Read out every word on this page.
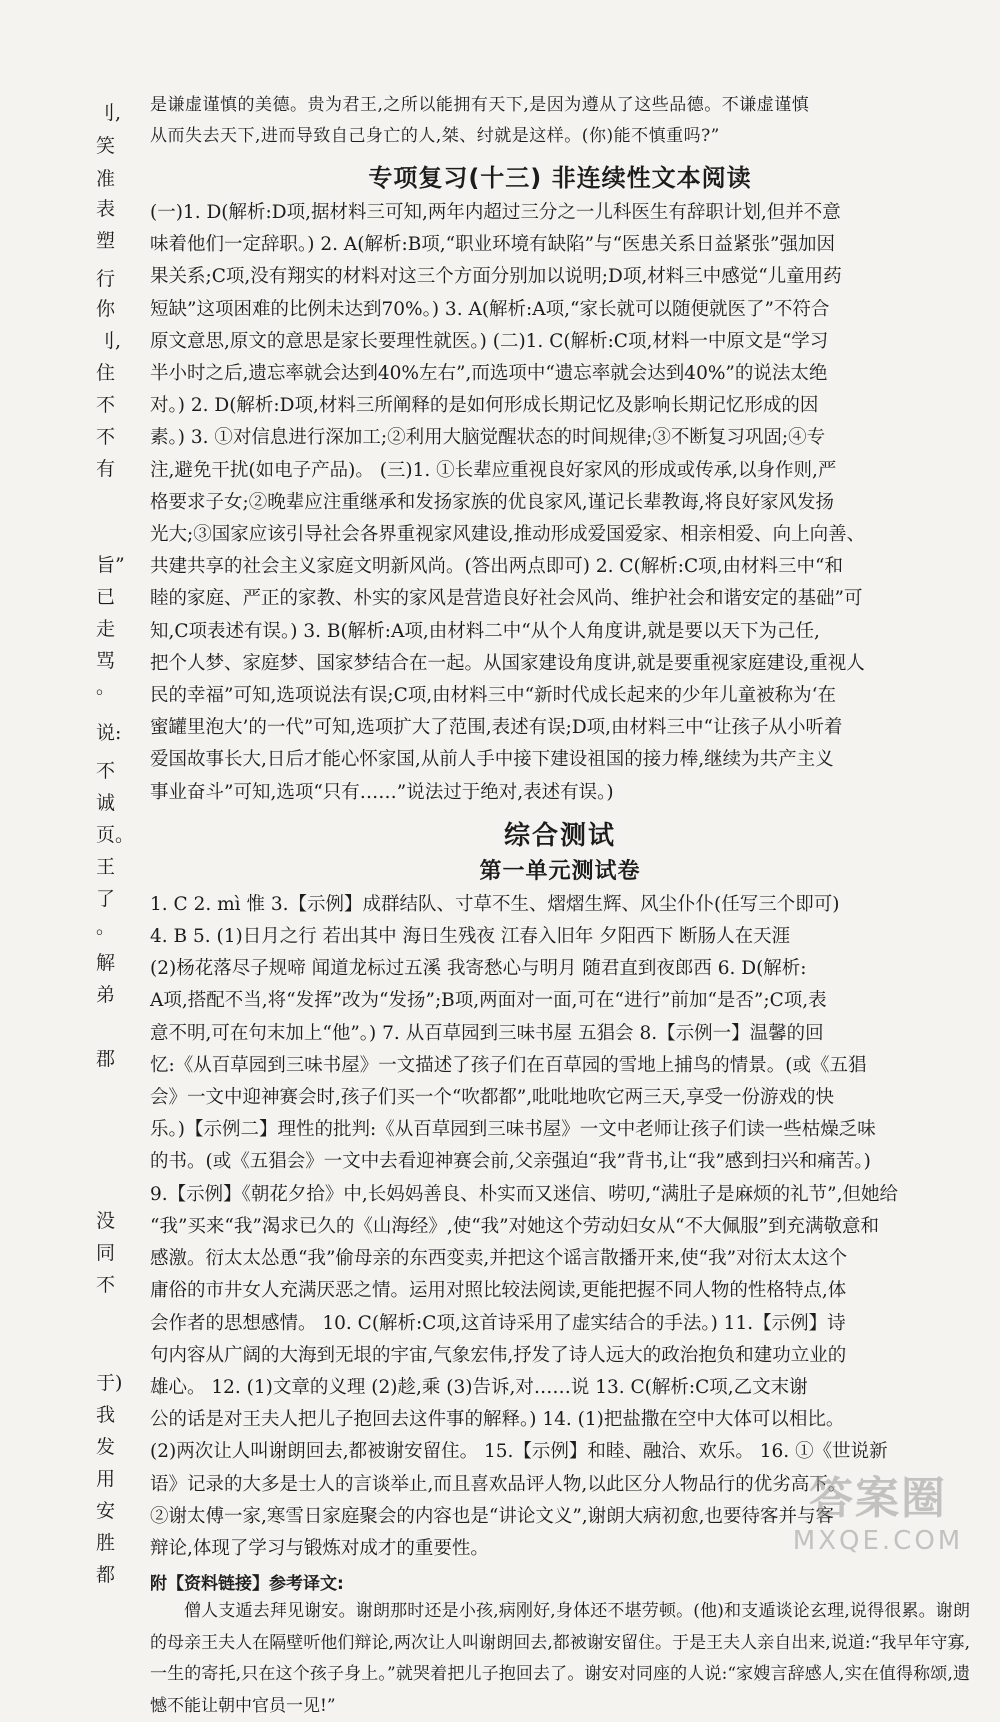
刂,
笑
准
表
塑
行
你
刂,
住
不
不
有
旨”
已
走
骂
。
说:
不
诚
页。
王
了
。
解
弟
郡
没
同
不
于)
我
发
用
安
胜
都
是谦虚谨慎的美德。贵为君王,之所以能拥有天下,是因为遵从了这些品德。不谦虚谨慎
从而失去天下,进而导致自己身亡的人,桀、纣就是这样。(你)能不慎重吗?”
专项复习(十三) 非连续性文本阅读
(一)1. D(解析:D项,据材料三可知,两年内超过三分之一儿科医生有辞职计划,但并不意
味着他们一定辞职。) 2. A(解析:B项,“职业环境有缺陷”与“医患关系日益紧张”强加因
果关系;C项,没有翔实的材料对这三个方面分别加以说明;D项,材料三中感觉“儿童用药
短缺”这项困难的比例未达到70%。) 3. A(解析:A项,“家长就可以随便就医了”不符合
原文意思,原文的意思是家长要理性就医。) (二)1. C(解析:C项,材料一中原文是“学习
半小时之后,遗忘率就会达到40%左右”,而选项中“遗忘率就会达到40%”的说法太绝
对。) 2. D(解析:D项,材料三所阐释的是如何形成长期记忆及影响长期记忆形成的因
素。) 3. ①对信息进行深加工;②利用大脑觉醒状态的时间规律;③不断复习巩固;④专
注,避免干扰(如电子产品)。 (三)1. ①长辈应重视良好家风的形成或传承,以身作则,严
格要求子女;②晚辈应注重继承和发扬家族的优良家风,谨记长辈教诲,将良好家风发扬
光大;③国家应该引导社会各界重视家风建设,推动形成爱国爱家、相亲相爱、向上向善、
共建共享的社会主义家庭文明新风尚。(答出两点即可) 2. C(解析:C项,由材料三中“和
睦的家庭、严正的家教、朴实的家风是营造良好社会风尚、维护社会和谐安定的基础”可
知,C项表述有误。) 3. B(解析:A项,由材料二中“从个人角度讲,就是要以天下为己任,
把个人梦、家庭梦、国家梦结合在一起。从国家建设角度讲,就是要重视家庭建设,重视人
民的幸福”可知,选项说法有误;C项,由材料三中“新时代成长起来的少年儿童被称为‘在
蜜罐里泡大’的一代”可知,选项扩大了范围,表述有误;D项,由材料三中“让孩子从小听着
爱国故事长大,日后才能心怀家国,从前人手中接下建设祖国的接力棒,继续为共产主义
事业奋斗”可知,选项“只有……”说法过于绝对,表述有误。)
综合测试
第一单元测试卷
1. C 2. mì 惟 3.【示例】成群结队、寸草不生、熠熠生辉、风尘仆仆(任写三个即可)
4. B 5. (1)日月之行 若出其中 海日生残夜 江春入旧年 夕阳西下 断肠人在天涯
(2)杨花落尽子规啼 闻道龙标过五溪 我寄愁心与明月 随君直到夜郎西 6. D(解析:
A项,搭配不当,将“发挥”改为“发扬”;B项,两面对一面,可在“进行”前加“是否”;C项,表
意不明,可在句末加上“他”。) 7. 从百草园到三味书屋 五猖会 8.【示例一】温馨的回
忆:《从百草园到三味书屋》一文描述了孩子们在百草园的雪地上捕鸟的情景。(或《五猖
会》一文中迎神赛会时,孩子们买一个“吹都都”,吡吡地吹它两三天,享受一份游戏的快
乐。)【示例二】理性的批判:《从百草园到三味书屋》一文中老师让孩子们读一些枯燥乏味
的书。(或《五猖会》一文中去看迎神赛会前,父亲强迫“我”背书,让“我”感到扫兴和痛苦。)
9.【示例】《朝花夕拾》中,长妈妈善良、朴实而又迷信、唠叨,“满肚子是麻烦的礼节”,但她给
“我”买来“我”渴求已久的《山海经》,使“我”对她这个劳动妇女从“不大佩服”到充满敬意和
感激。衍太太怂恿“我”偷母亲的东西变卖,并把这个谣言散播开来,使“我”对衍太太这个
庸俗的市井女人充满厌恶之情。运用对照比较法阅读,更能把握不同人物的性格特点,体
会作者的思想感情。 10. C(解析:C项,这首诗采用了虚实结合的手法。) 11.【示例】诗
句内容从广阔的大海到无垠的宇宙,气象宏伟,抒发了诗人远大的政治抱负和建功立业的
雄心。 12. (1)文章的义理 (2)趁,乘 (3)告诉,对……说 13. C(解析:C项,乙文末谢
公的话是对王夫人把儿子抱回去这件事的解释。) 14. (1)把盐撒在空中大体可以相比。
(2)两次让人叫谢朗回去,都被谢安留住。 15.【示例】和睦、融洽、欢乐。 16. ①《世说新
语》记录的大多是士人的言谈举止,而且喜欢品评人物,以此区分人物品行的优劣高下。
②谢太傅一家,寒雪日家庭聚会的内容也是“讲论文义”,谢朗大病初愈,也要待客并与客
辩论,体现了学习与锻炼对成才的重要性。
附【资料链接】参考译文:

僧人支遁去拜见谢安。谢朗那时还是小孩,病刚好,身体还不堪劳顿。(他)和支遁谈论玄理,说得很累。谢朗的母亲王夫人在隔壁听他们辩论,两次让人叫谢朗回去,都被谢安留住。于是王夫人亲自出来,说道:“我早年守寡,一生的寄托,只在这个孩子身上。”就哭着把儿子抱回去了。谢安对同座的人说:“家嫂言辞感人,实在值得称颂,遗憾不能让朝中官员一见!”

答案圈
MXQE.COM
